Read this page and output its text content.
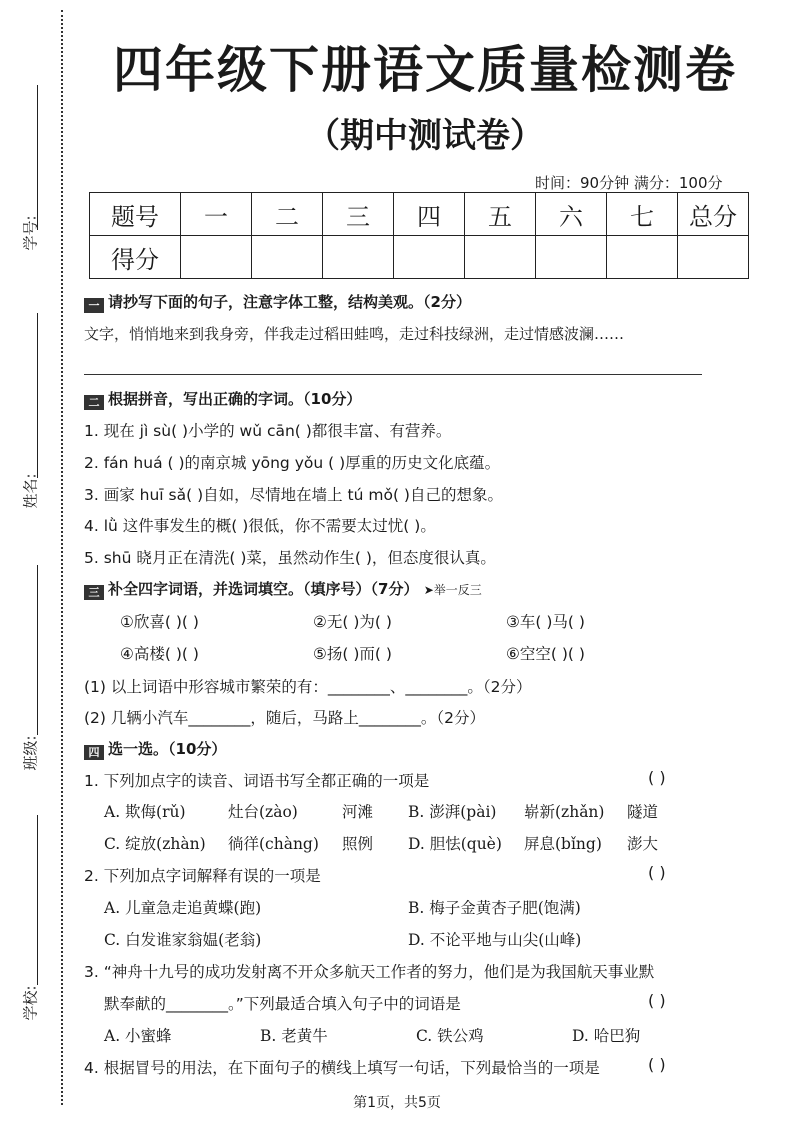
学号:
姓名:
班级:
学校:
四年级下册语文质量检测卷
（期中测试卷）
时间：90分钟 满分：100分
题号	一	二	三	四	五	六	七	总分
得分								
一 请抄写下面的句子，注意字体工整，结构美观。（2分）
文字，悄悄地来到我身旁，伴我走过稻田蛙鸣，走过科技绿洲，走过情感波澜……
二 根据拼音，写出正确的字词。（10分）
1. 现在 jì sù( )小学的 wǔ cān( )都很丰富、有营养。
2. fán huá ( )的南京城 yōng yǒu ( )厚重的历史文化底蕴。
3. 画家 huī sǎ( )自如，尽情地在墙上 tú mǒ( )自己的想象。
4. lǜ 这件事发生的概( )很低，你不需要太过忧( )。
5. shū 晓月正在清洗( )菜，虽然动作生( )，但态度很认真。
三 补全四字词语，并选词填空。（填序号）（7分） ➤举一反三
①欣喜( )( )	②无( )为( )	③车( )马( )
④高楼( )( )	⑤扬( )而( )	⑥空空( )( )
(1) 以上词语中形容城市繁荣的有：________、________。（2分）
(2) 几辆小汽车________，随后，马路上________。（2分）
四 选一选。（10分）
1. 下列加点字的读音、词语书写全都正确的一项是	( )
A. 欺侮(rǔ)	灶台(zào)	河滩 B. 澎湃(pài) 崭新(zhǎn) 隧道
C. 绽放(zhàn) 徜徉(chàng) 照例 D. 胆怯(què) 屏息(bǐng) 澎大
2. 下列加点字词解释有误的一项是	( )
A. 儿童急走追黄蝶(跑)	B. 梅子金黄杏子肥(饱满)
C. 白发谁家翁媪(老翁)	D. 不论平地与山尖(山峰)
3. “神舟十九号的成功发射离不开众多航天工作者的努力，他们是为我国航天事业默
默奉献的________。”下列最适合填入句子中的词语是	( )
A. 小蜜蜂	B. 老黄牛	C. 铁公鸡	D. 哈巴狗
4. 根据冒号的用法，在下面句子的横线上填写一句话，下列最恰当的一项是	( )
第1页，共5页
